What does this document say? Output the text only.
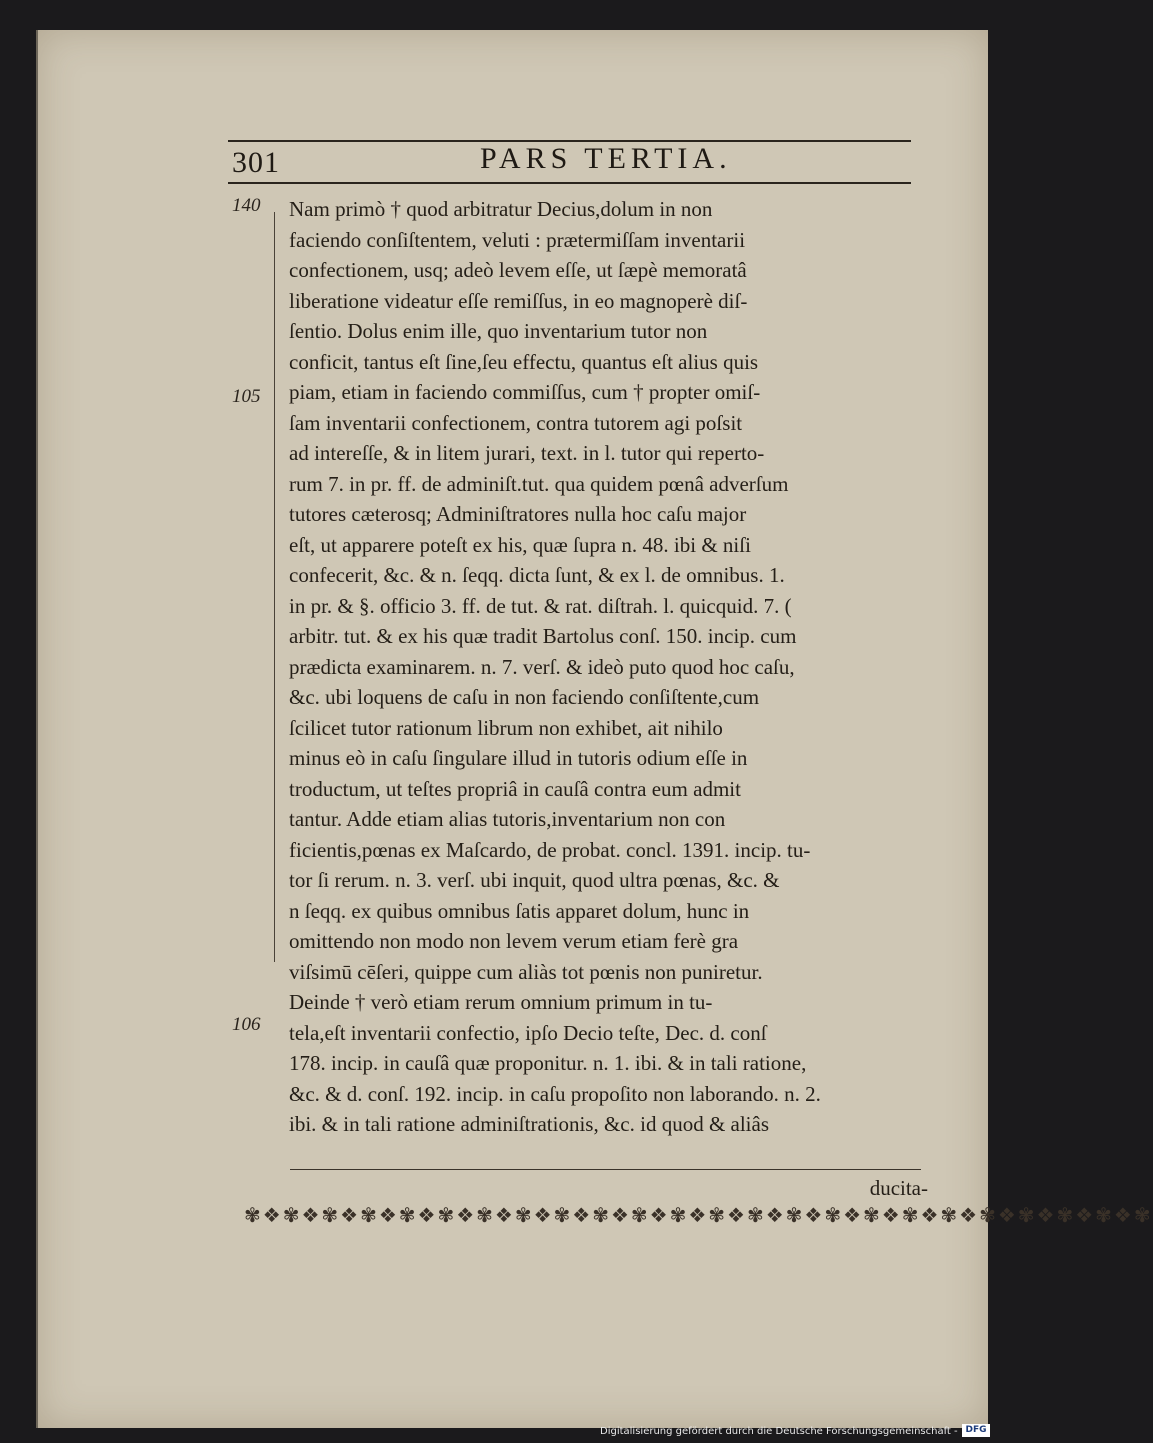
301	PARS TERTIA.
140
105
106
Nam primò † quod arbitratur Decius,dolum in non
faciendo conſiſtentem, veluti : prætermiſſam inventarii
confectionem, usq; adeò levem eſſe, ut ſæpè memoratâ
liberatione videatur eſſe remiſſus, in eo magnoperè diſ-
ſentio. Dolus enim ille, quo inventarium tutor non
conficit, tantus eſt ſine,ſeu effectu, quantus eſt alius quis
piam, etiam in faciendo commiſſus, cum † propter omiſ-
ſam inventarii confectionem, contra tutorem agi poſsit
ad intereſſe, & in litem jurari, text. in l. tutor qui reperto-
rum 7. in pr. ff. de adminiſt.tut. qua quidem pœnâ adverſum
tutores cæterosq; Adminiſtratores nulla hoc caſu major
eſt, ut apparere poteſt ex his, quæ ſupra n. 48. ibi & niſi
confecerit, &c. & n. ſeqq. dicta ſunt, & ex l. de omnibus. 1.
in pr. & §. officio 3. ff. de tut. & rat. diſtrah. l. quicquid. 7. (
arbitr. tut. & ex his quæ tradit Bartolus conſ. 150. incip. cum
prædicta examinarem. n. 7. verſ. & ideò puto quod hoc caſu,
&c. ubi loquens de caſu in non faciendo conſiſtente,cum
ſcilicet tutor rationum librum non exhibet, ait nihilo
minus eò in caſu ſingulare illud in tutoris odium eſſe in
troductum, ut teſtes propriâ in cauſâ contra eum admit
tantur. Adde etiam alias tutoris,inventarium non con
ficientis,pœnas ex Maſcardo, de probat. concl. 1391. incip. tu-
tor ſi rerum. n. 3. verſ. ubi inquit, quod ultra pœnas, &c. &
n ſeqq. ex quibus omnibus ſatis apparet dolum, hunc in
omittendo non modo non levem verum etiam ferè gra
viſsimū cēſeri, quippe cum aliàs tot pœnis non puniretur.
Deinde † verò etiam rerum omnium primum in tu-
tela,eſt inventarii confectio, ipſo Decio teſte, Dec. d. conſ
178. incip. in cauſâ quæ proponitur. n. 1. ibi. & in tali ratione,
&c. & d. conſ. 192. incip. in caſu propoſito non laborando. n. 2.
ibi. & in tali ratione adminiſtrationis, &c. id quod & aliâs
ducita-
✾❖✾❖✾❖✾❖✾❖✾❖✾❖✾❖✾❖✾❖✾❖✾❖✾❖✾❖✾❖✾❖✾❖✾❖✾❖✾❖✾❖✾❖✾❖✾
Digitalisierung gefördert durch die Deutsche Forschungsgemeinschaft - DFG
